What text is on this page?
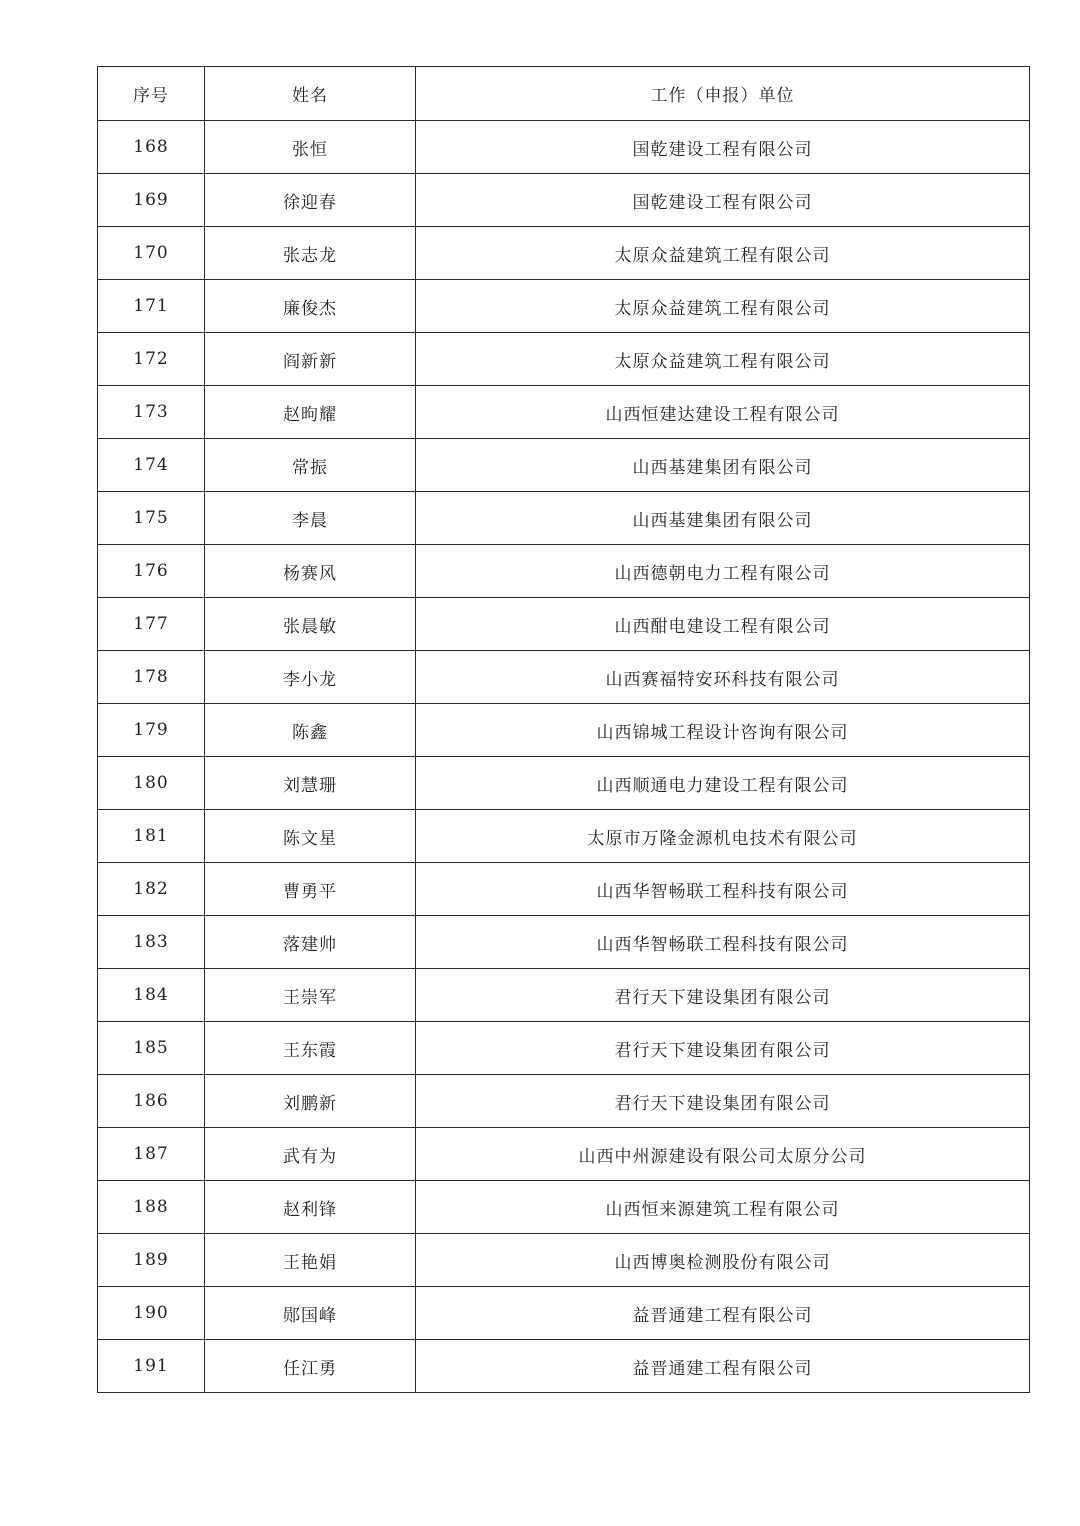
序号	姓名	工作（申报）单位
168	张恒	国乾建设工程有限公司
169	徐迎春	国乾建设工程有限公司
170	张志龙	太原众益建筑工程有限公司
171	廉俊杰	太原众益建筑工程有限公司
172	阎新新	太原众益建筑工程有限公司
173	赵昫耀	山西恒建达建设工程有限公司
174	常振	山西基建集团有限公司
175	李晨	山西基建集团有限公司
176	杨赛风	山西德朝电力工程有限公司
177	张晨敏	山西酣电建设工程有限公司
178	李小龙	山西赛福特安环科技有限公司
179	陈鑫	山西锦城工程设计咨询有限公司
180	刘慧珊	山西顺通电力建设工程有限公司
181	陈文星	太原市万隆金源机电技术有限公司
182	曹勇平	山西华智畅联工程科技有限公司
183	落建帅	山西华智畅联工程科技有限公司
184	王崇军	君行天下建设集团有限公司
185	王东霞	君行天下建设集团有限公司
186	刘鹏新	君行天下建设集团有限公司
187	武有为	山西中州源建设有限公司太原分公司
188	赵利锋	山西恒来源建筑工程有限公司
189	王艳娟	山西博奥检测股份有限公司
190	郧国峰	益晋通建工程有限公司
191	任江勇	益晋通建工程有限公司
